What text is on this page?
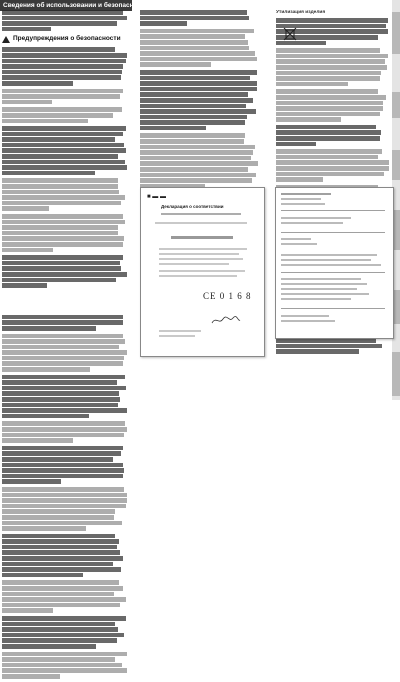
Сведения об использовании и безопасности
Предупреждения о безопасности
Утилизация изделия
■ ▬ ▬
Декларация о соответствии
CE 0 1 6 8
